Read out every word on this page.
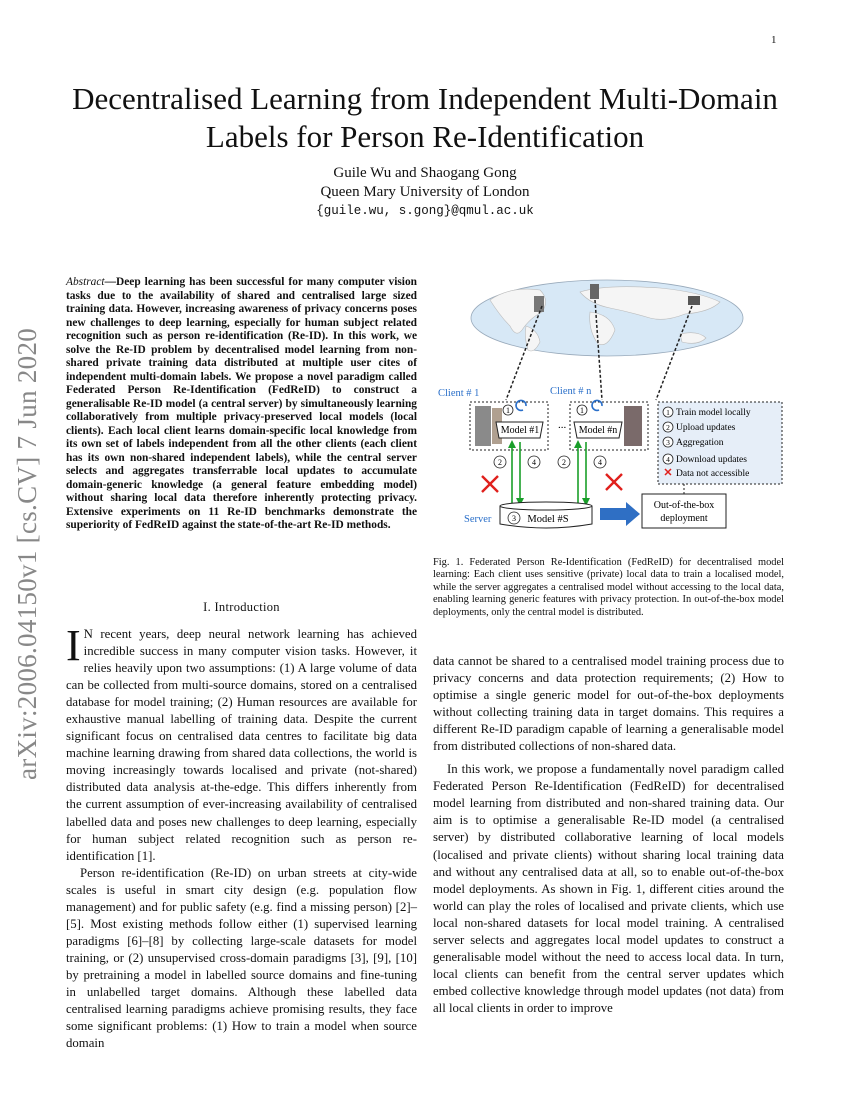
1
arXiv:2006.04150v1 [cs.CV] 7 Jun 2020
Decentralised Learning from Independent Multi-Domain Labels for Person Re-Identification
Guile Wu and Shaogang Gong
Queen Mary University of London
{guile.wu, s.gong}@qmul.ac.uk
Abstract—Deep learning has been successful for many computer vision tasks due to the availability of shared and centralised large sized training data. However, increasing awareness of privacy concerns poses new challenges to deep learning, especially for human subject related recognition such as person re-identification (Re-ID). In this work, we solve the Re-ID problem by decentralised model learning from non-shared private training data distributed at multiple user cites of independent multi-domain labels. We propose a novel paradigm called Federated Person Re-Identification (FedReID) to construct a generalisable Re-ID model (a central server) by simultaneously learning collaboratively from multiple privacy-preserved local models (local clients). Each local client learns domain-specific local knowledge from its own set of labels independent from all the other clients (each client has its own non-shared independent labels), while the central server selects and aggregates transferrable local updates to accumulate domain-generic knowledge (a general feature embedding model) without sharing local data therefore inherently protecting privacy. Extensive experiments on 11 Re-ID benchmarks demonstrate the superiority of FedReID against the state-of-the-art Re-ID methods.
I. Introduction

I N recent years, deep neural network learning has achieved incredible success in many computer vision tasks. However, it relies heavily upon two assumptions: (1) A large volume of data can be collected from multi-source domains, stored on a centralised database for model training; (2) Human resources are available for exhaustive manual labelling of training data. Despite the current significant focus on centralised data centres to facilitate big data machine learning drawing from shared data collections, the world is moving increasingly towards localised and private (not-shared) distributed data analysis at-the-edge. This differs inherently from the current assumption of ever-increasing availability of centralised labelled data and poses new challenges to deep learning, especially for human subject related recognition such as person re-identification [1].

Person re-identification (Re-ID) on urban streets at city-wide scales is useful in smart city design (e.g. population flow management) and for public safety (e.g. find a missing person) [2]–[5]. Most existing methods follow either (1) supervised learning paradigms [6]–[8] by collecting large-scale datasets for model training, or (2) unsupervised cross-domain paradigms [3], [9], [10] by pretraining a model in labelled source domains and fine-tuning in unlabelled target domains. Although these labelled data centralised learning paradigms achieve promising results, they face some significant problems: (1) How to train a model when source domain

Client # 1	Client # n
1
Model #1 ...
1
Model #n
2	4	2	4
Server	3 Model #S
Out-of-the-box
deployment
1 Train model locally
2 Upload updates
3 Aggregation
4 Download updates
✕ Data not accessible
Fig. 1. Federated Person Re-Identification (FedReID) for decentralised model learning: Each client uses sensitive (private) local data to train a localised model, while the server aggregates a centralised model without accessing to the local data, enabling learning generic features with privacy protection. In out-of-the-box model deployments, only the central model is distributed.

data cannot be shared to a centralised model training process due to privacy concerns and data protection requirements; (2) How to optimise a single generic model for out-of-the-box deployments without collecting training data in target domains. This requires a different Re-ID paradigm capable of learning a generalisable model from distributed collections of non-shared data.

In this work, we propose a fundamentally novel paradigm called Federated Person Re-Identification (FedReID) for decentralised model learning from distributed and non-shared training data. Our aim is to optimise a generalisable Re-ID model (a centralised server) by distributed collaborative learning of local models (localised and private clients) without sharing local training data and without any centralised data at all, so to enable out-of-the-box model deployments. As shown in Fig. 1, different cities around the world can play the roles of localised and private clients, which use local non-shared datasets for local model training. A centralised server selects and aggregates local model updates to construct a generalisable model without the need to access local data. In turn, local clients can benefit from the central server updates which embed collective knowledge through model updates (not data) from all local clients in order to improve
